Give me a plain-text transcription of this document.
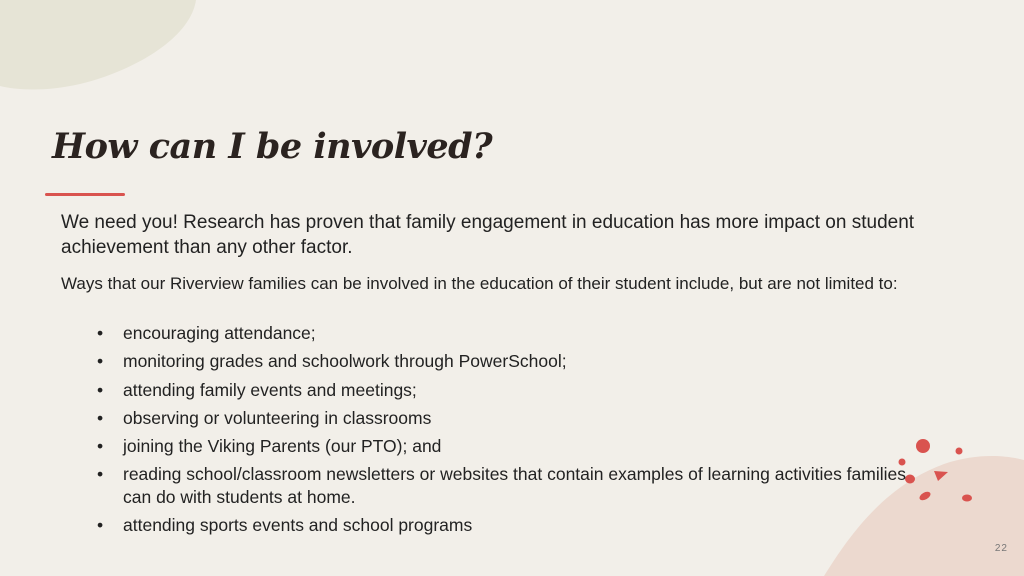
How can I be involved?

We need you! Research has proven that family engagement in education has more impact on student achievement than any other factor.

Ways that our Riverview families can be involved in the education of their student include, but are not limited to:

• encouraging attendance;
• monitoring grades and schoolwork through PowerSchool;
• attending family events and meetings;
• observing or volunteering in classrooms
• joining the Viking Parents (our PTO); and
• reading school/classroom newsletters or websites that contain examples of learning activities families can do with students at home.
• attending sports events and school programs
22
